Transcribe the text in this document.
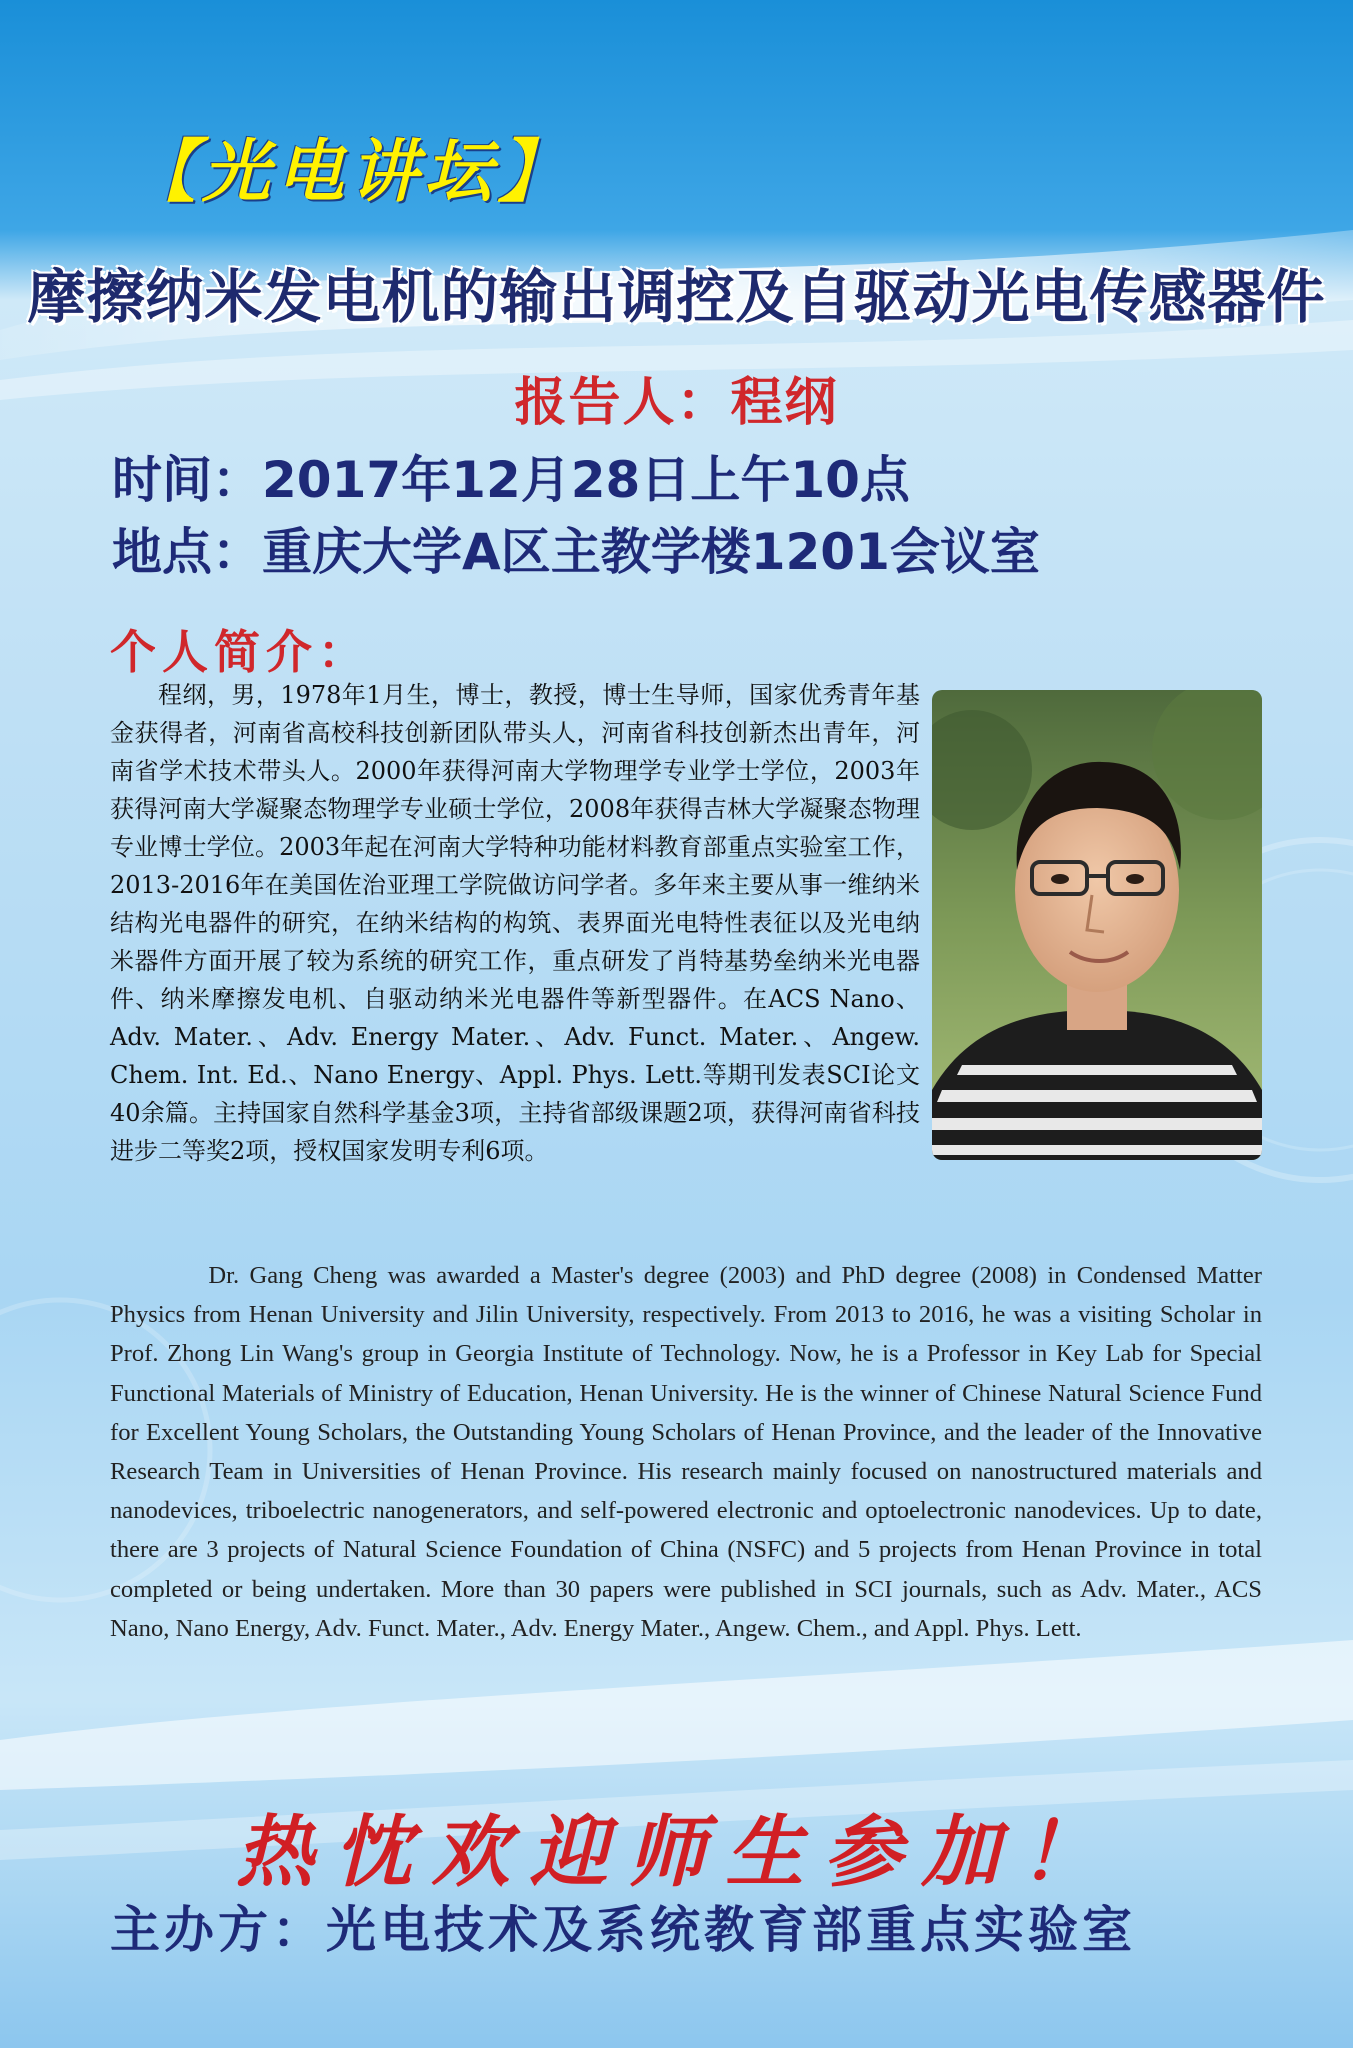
【光电讲坛】
摩擦纳米发电机的输出调控及自驱动光电传感器件
报告人：程纲
时间：2017年12月28日上午10点
地点：重庆大学A区主教学楼1201会议室
个人简介：

程纲，男，1978年1月生，博士，教授，博士生导师，国家优秀青年基金获得者，河南省高校科技创新团队带头人，河南省科技创新杰出青年，河南省学术技术带头人。2000年获得河南大学物理学专业学士学位，2003年获得河南大学凝聚态物理学专业硕士学位，2008年获得吉林大学凝聚态物理专业博士学位。2003年起在河南大学特种功能材料教育部重点实验室工作，2013-2016年在美国佐治亚理工学院做访问学者。多年来主要从事一维纳米结构光电器件的研究，在纳米结构的构筑、表界面光电特性表征以及光电纳米器件方面开展了较为系统的研究工作，重点研发了肖特基势垒纳米光电器件、纳米摩擦发电机、自驱动纳米光电器件等新型器件。在ACS Nano、Adv. Mater.、Adv. Energy Mater.、Adv. Funct. Mater.、Angew. Chem. Int. Ed.、Nano Energy、Appl. Phys. Lett.等期刊发表SCI论文40余篇。主持国家自然科学基金3项，主持省部级课题2项，获得河南省科技进步二等奖2项，授权国家发明专利6项。

Dr. Gang Cheng was awarded a Master's degree (2003) and PhD degree (2008) in Condensed Matter Physics from Henan University and Jilin University, respectively. From 2013 to 2016, he was a visiting Scholar in Prof. Zhong Lin Wang's group in Georgia Institute of Technology. Now, he is a Professor in Key Lab for Special Functional Materials of Ministry of Education, Henan University. He is the winner of Chinese Natural Science Fund for Excellent Young Scholars, the Outstanding Young Scholars of Henan Province, and the leader of the Innovative Research Team in Universities of Henan Province. His research mainly focused on nanostructured materials and nanodevices, triboelectric nanogenerators, and self-powered electronic and optoelectronic nanodevices. Up to date, there are 3 projects of Natural Science Foundation of China (NSFC) and 5 projects from Henan Province in total completed or being undertaken. More than 30 papers were published in SCI journals, such as Adv. Mater., ACS Nano, Nano Energy, Adv. Funct. Mater., Adv. Energy Mater., Angew. Chem., and Appl. Phys. Lett.

热忱欢迎师生参加！
主办方：光电技术及系统教育部重点实验室
